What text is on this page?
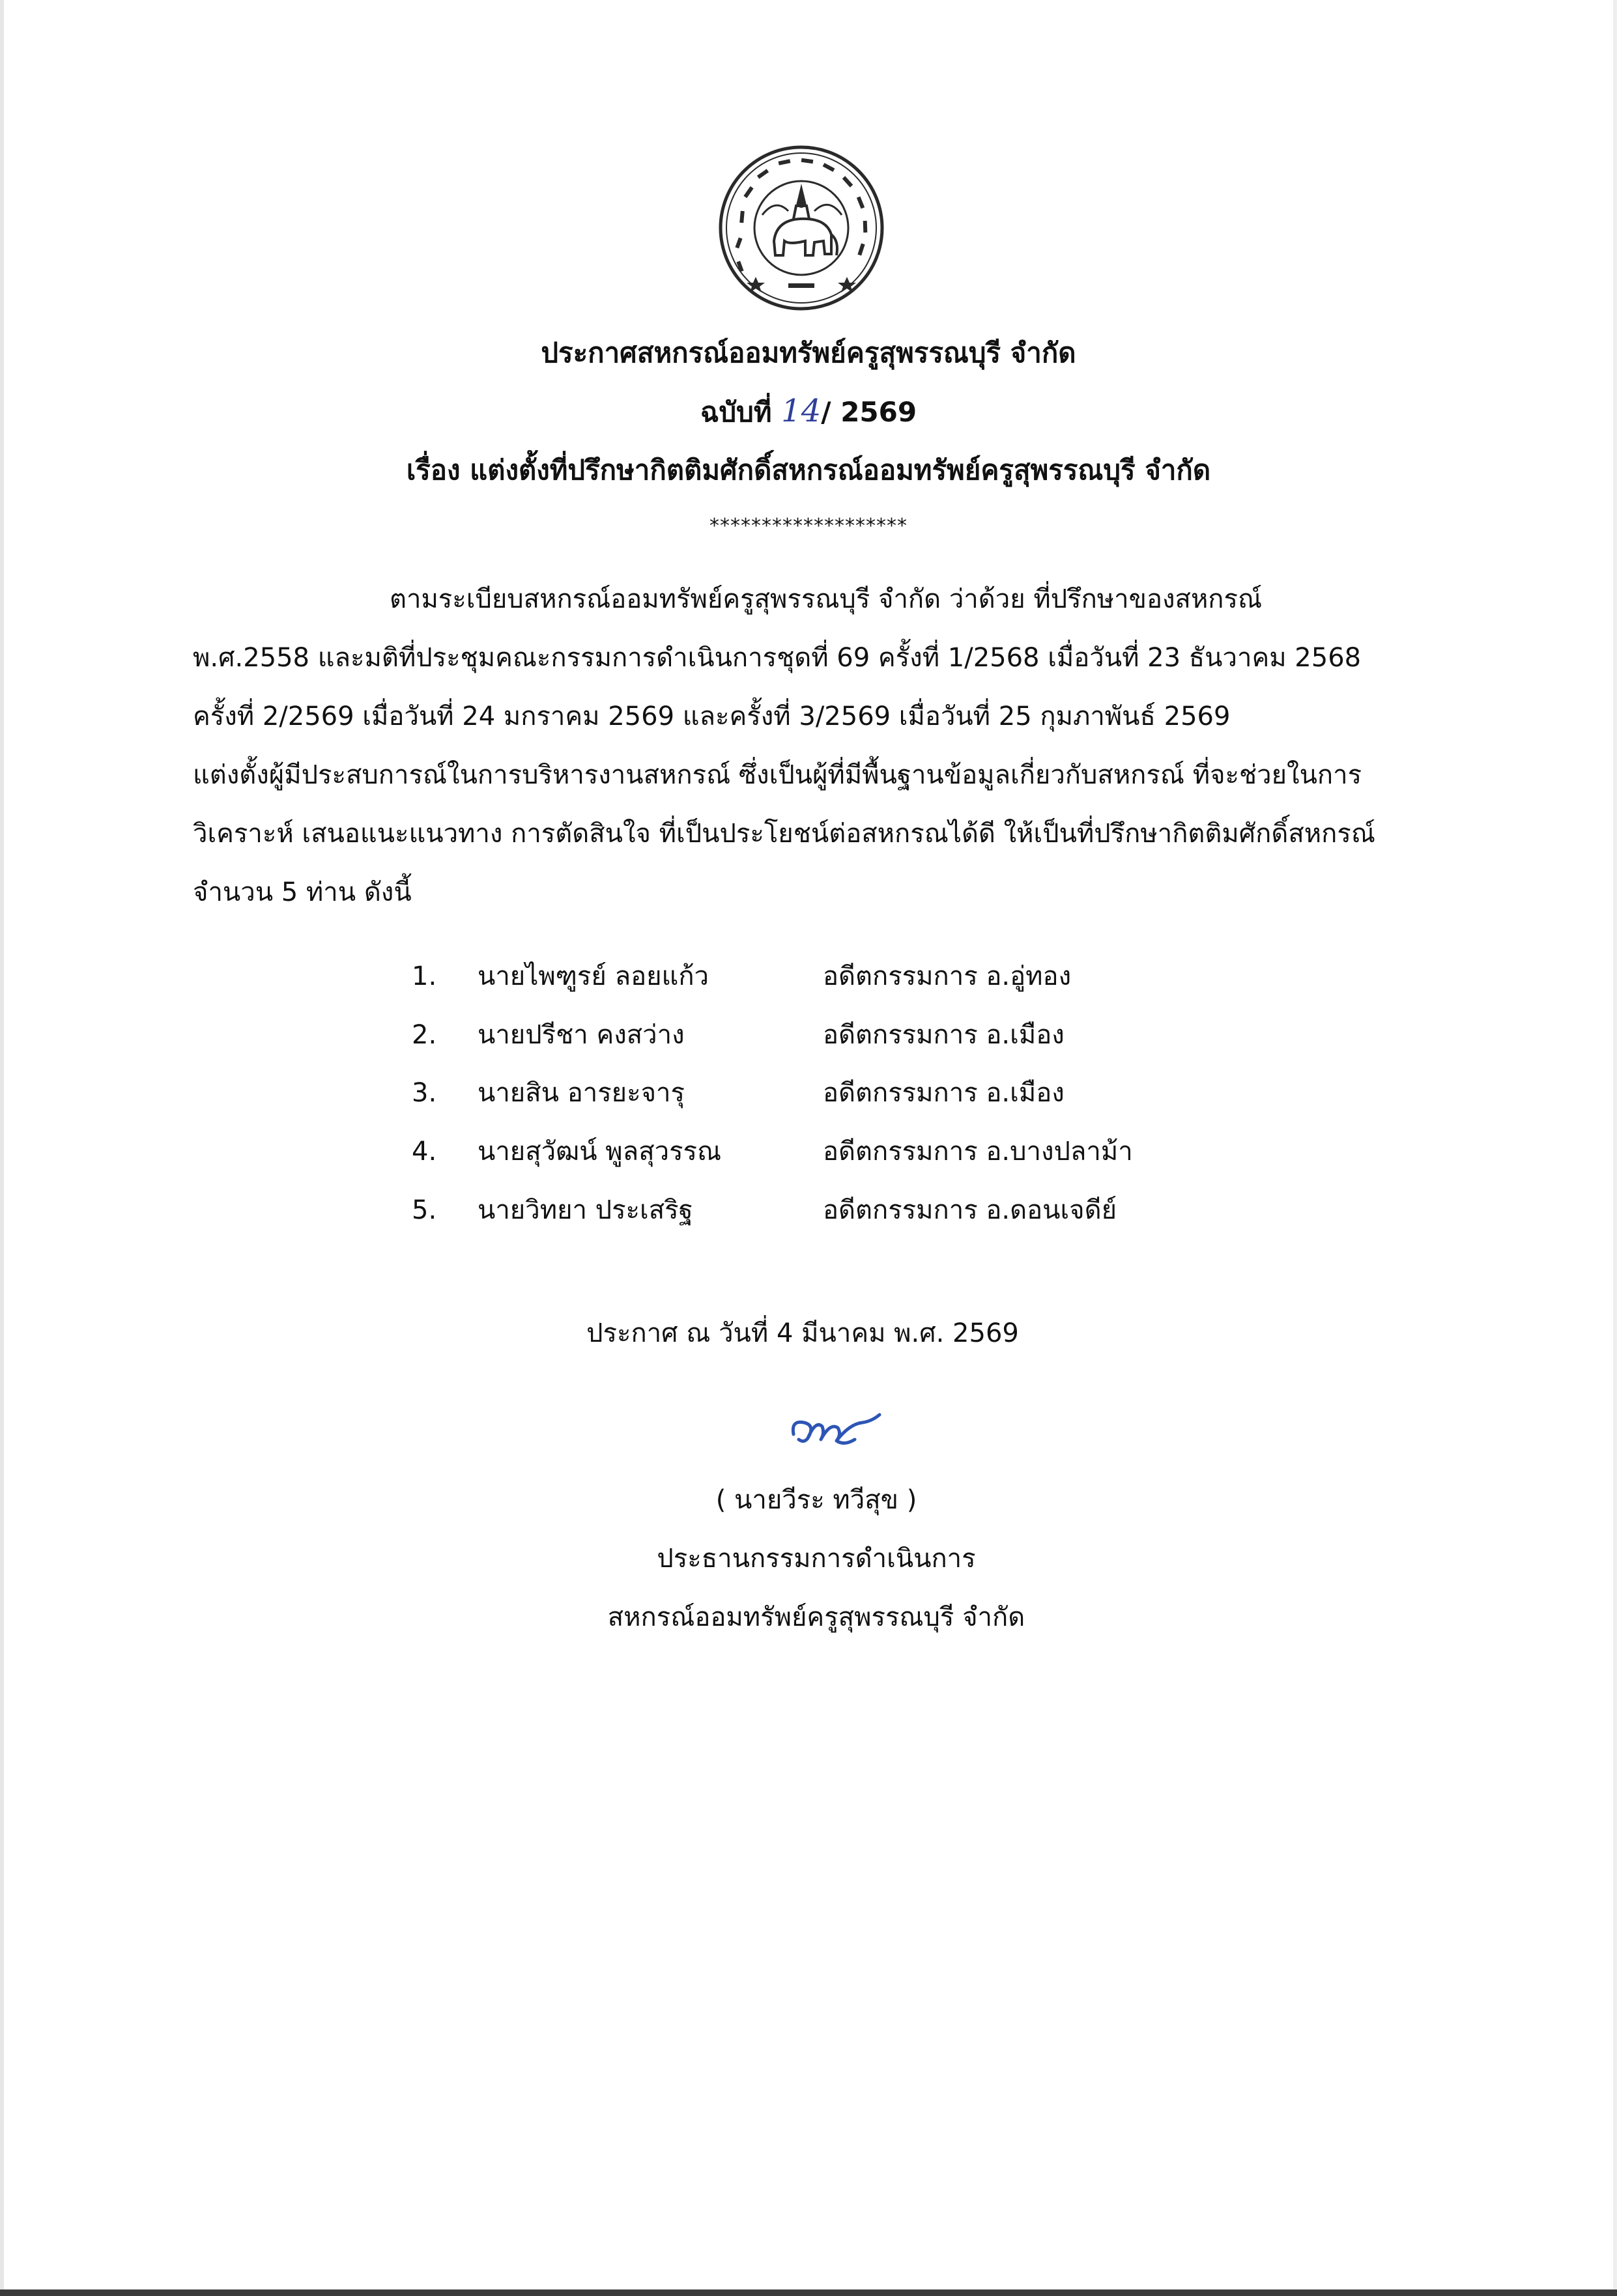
ประกาศสหกรณ์ออมทรัพย์ครูสุพรรณบุรี จำกัด
ฉบับที่ 14/ 2569
เรื่อง แต่งตั้งที่ปรึกษากิตติมศักดิ์สหกรณ์ออมทรัพย์ครูสุพรรณบุรี จำกัด
*******************
ตามระเบียบสหกรณ์ออมทรัพย์ครูสุพรรณบุรี จำกัด ว่าด้วย ที่ปรึกษาของสหกรณ์
พ.ศ.2558 และมติที่ประชุมคณะกรรมการดำเนินการชุดที่ 69 ครั้งที่ 1/2568 เมื่อวันที่ 23 ธันวาคม 2568
ครั้งที่ 2/2569 เมื่อวันที่ 24 มกราคม 2569 และครั้งที่ 3/2569 เมื่อวันที่ 25 กุมภาพันธ์ 2569
แต่งตั้งผู้มีประสบการณ์ในการบริหารงานสหกรณ์ ซึ่งเป็นผู้ที่มีพื้นฐานข้อมูลเกี่ยวกับสหกรณ์ ที่จะช่วยในการ
วิเคราะห์ เสนอแนะแนวทาง การตัดสินใจ ที่เป็นประโยชน์ต่อสหกรณได้ดี ให้เป็นที่ปรึกษากิตติมศักดิ์สหกรณ์
จำนวน 5 ท่าน ดังนี้
1. นายไพฑูรย์ ลอยแก้ว	อดีตกรรมการ อ.อู่ทอง
2. นายปรีชา คงสว่าง	อดีตกรรมการ อ.เมือง
3. นายสิน อารยะจารุ	อดีตกรรมการ อ.เมือง
4. นายสุวัฒน์ พูลสุวรรณ	อดีตกรรมการ อ.บางปลาม้า
5. นายวิทยา ประเสริฐ	อดีตกรรมการ อ.ดอนเจดีย์
ประกาศ ณ วันที่ 4 มีนาคม พ.ศ. 2569
( นายวีระ ทวีสุข )
ประธานกรรมการดำเนินการ
สหกรณ์ออมทรัพย์ครูสุพรรณบุรี จำกัด
